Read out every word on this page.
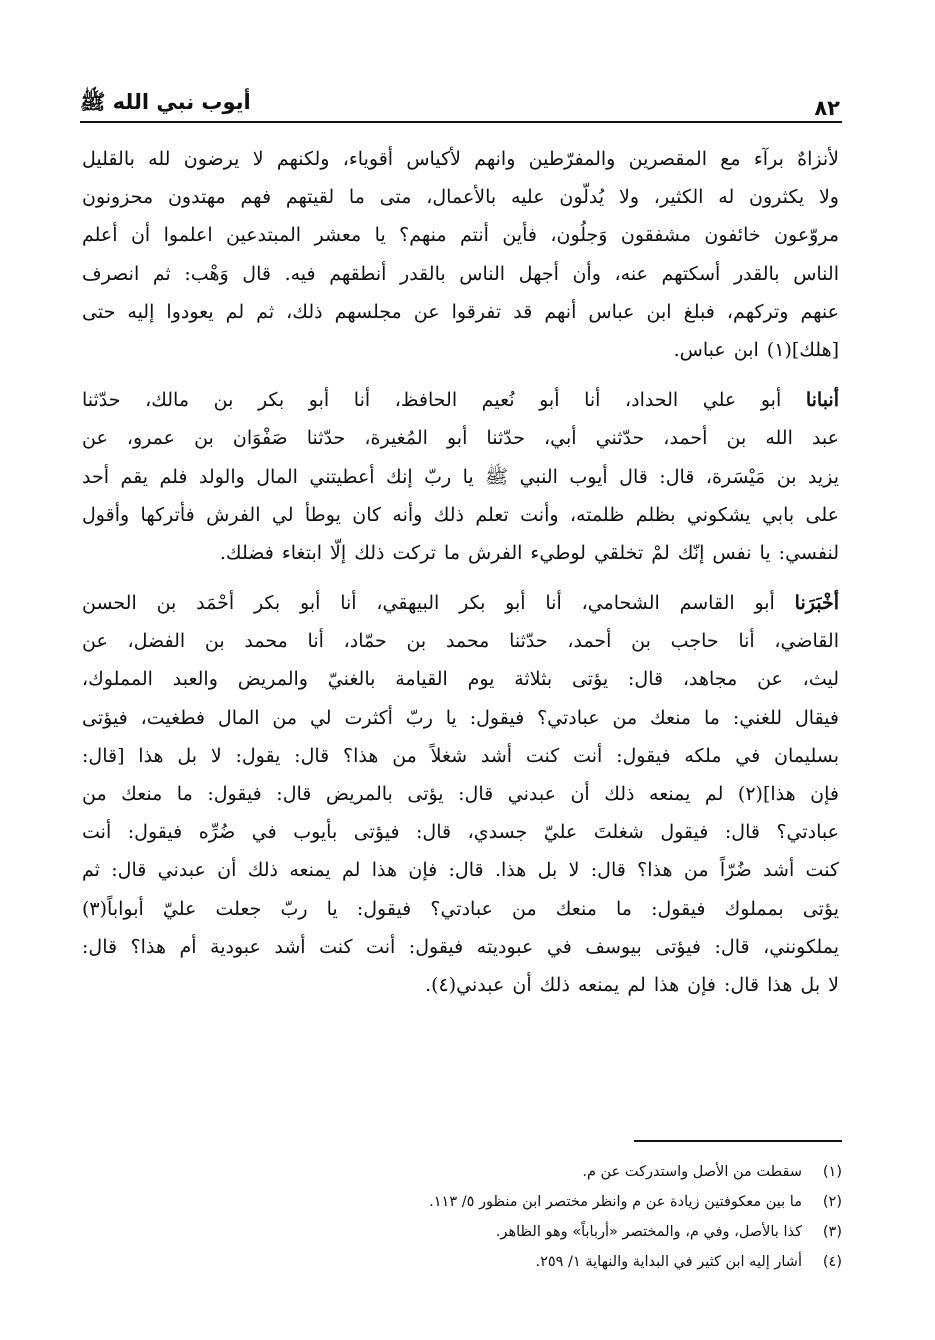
٨٢
أيوب نبي الله ﷺ
لأنزاهٌ برآء مع المقصرين والمفرّطين وانهم لأكياس أقوياء، ولكنهم لا يرضون لله بالقليل
ولا يكثرون له الكثير، ولا يُدلّون عليه بالأعمال، متى ما لقيتهم فهم مهتدون محزونون
مروّعون خائفون مشفقون وَجلُون، فأين أنتم منهم؟ يا معشر المبتدعين اعلموا أن أعلم
الناس بالقدر أسكتهم عنه، وأن أجهل الناس بالقدر أنطقهم فيه. قال وَهْب: ثم انصرف
عنهم وتركهم، فبلغ ابن عباس أنهم قد تفرقوا عن مجلسهم ذلك، ثم لم يعودوا إليه حتى
[هلك](١) ابن عباس.
أنبانا أبو علي الحداد، أنا أبو نُعيم الحافظ، أنا أبو بكر بن مالك، حدّثنا
عبد الله بن أحمد، حدّثني أبي، حدّثنا أبو المُغيرة، حدّثنا صَفْوَان بن عمرو، عن
يزيد بن مَيْسَرة، قال: قال أيوب النبي ﷺ يا ربّ إنك أعطيتني المال والولد فلم يقم أحد
على بابي يشكوني بظلم ظلمته، وأنت تعلم ذلك وأنه كان يوطأ لي الفرش فأتركها وأقول
لنفسي: يا نفس إنّك لمْ تخلقي لوطيء الفرش ما تركت ذلك إلّا ابتغاء فضلك.
أخْبَرَنا أبو القاسم الشحامي، أنا أبو بكر البيهقي، أنا أبو بكر أحْمَد بن الحسن
القاضي، أنا حاجب بن أحمد، حدّثنا محمد بن حمّاد، أنا محمد بن الفضل، عن
ليث، عن مجاهد، قال: يؤتى بثلاثة يوم القيامة بالغنيّ والمريض والعبد المملوك،
فيقال للغني: ما منعك من عبادتي؟ فيقول: يا ربّ أكثرت لي من المال فطغيت، فيؤتى
بسليمان في ملكه فيقول: أنت كنت أشد شغلاً من هذا؟ قال: يقول: لا بل هذا [قال:
فإن هذا](٢) لم يمنعه ذلك أن عبدني قال: يؤتى بالمريض قال: فيقول: ما منعك من
عبادتي؟ قال: فيقول شغلتَ عليّ جسدي، قال: فيؤتى بأيوب في ضُرِّه فيقول: أنت
كنت أشد ضُرّاً من هذا؟ قال: لا بل هذا. قال: فإن هذا لم يمنعه ذلك أن عبدني قال: ثم
يؤتى بمملوك فيقول: ما منعك من عبادتي؟ فيقول: يا ربّ جعلت عليّ أبواباً(٣)
يملكونني، قال: فيؤتى بيوسف في عبوديته فيقول: أنت كنت أشد عبودية أم هذا؟ قال:
لا بل هذا قال: فإن هذا لم يمنعه ذلك أن عبدني(٤).
(١)
سقطت من الأصل واستدركت عن م.
(٢)
ما بين معكوفتين زيادة عن م وانظر مختصر ابن منظور ٥/ ١١٣.
(٣)
كذا بالأصل، وفي م، والمختصر «أرباباً» وهو الظاهر.
(٤)
أشار إليه ابن كثير في البداية والنهاية ١/ ٢٥٩.
